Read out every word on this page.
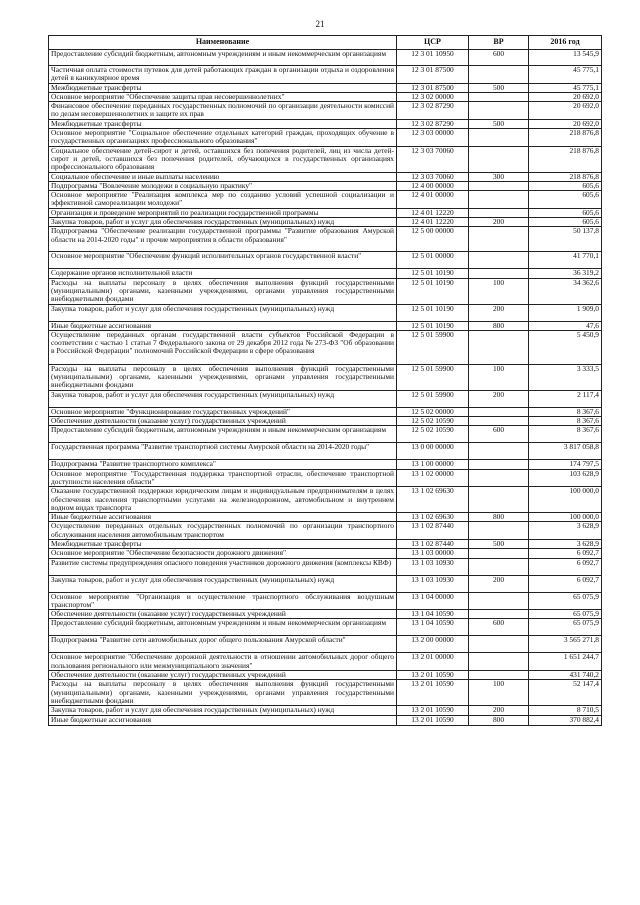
21
Наименование	ЦСР	ВР	2016 год
Предоставление субсидий бюджетным, автономным учреждениям и иным некоммерческим организациям	12 3 01 10950	600	13 545,9
Частичная оплата стоимости путевок для детей работающих граждан в организации отдыха и оздоровления детей в каникулярное время	12 3 01 87500		45 775,1
Межбюджетные трансферты	12 3 01 87500	500	45 775,1
Основное мероприятие "Обеспечение защиты прав несовершеннолетних"	12 3 02 00000		20 692,0
Финансовое обеспечение переданных государственных полномочий по организации деятельности комиссий по делам несовершеннолетних и защите их прав	12 3 02 87290		20 692,0
Межбюджетные трансферты	12 3 02 87290	500	20 692,0
Основное мероприятие "Социальное обеспечение отдельных категорий граждан, проходящих обучение в государственных организациях профессионального образования"	12 3 03 00000		218 876,8
Социальное обеспечение детей-сирот и детей, оставшихся без попечения родителей, лиц из числа детей-сирот и детей, оставшихся без попечения родителей, обучающихся в государственных организациях профессионального образования	12 3 03 70060		218 876,8
Социальное обеспечение и иные выплаты населению	12 3 03 70060	300	218 876,8
Подпрограмма "Вовлечение молодежи в социальную практику"	12 4 00 00000		605,6
Основное мероприятие "Реализация комплекса мер по созданию условий успешной социализации и эффективной самореализации молодежи"	12 4 01 00000		605,6
Организация и проведение мероприятий по реализации государственной программы	12 4 01 12220		605,6
Закупка товаров, работ и услуг для обеспечения государственных (муниципальных) нужд	12 4 01 12220	200	605,6
Подпрограмма "Обеспечение реализации государственной программы "Развитие образования Амурской области на 2014-2020 годы" и прочие мероприятия в области образования"	12 5 00 00000		50 137,8
Основное мероприятие "Обеспечение функций исполнительных органов государственной власти"	12 5 01 00000		41 770,1
Содержание органов исполнительной власти	12 5 01 10190		36 319,2
Расходы на выплаты персоналу в целях обеспечения выполнения функций государственными (муниципальными) органами, казенными учреждениями, органами управления государственными внебюджетными фондами	12 5 01 10190	100	34 362,6
Закупка товаров, работ и услуг для обеспечения государственных (муниципальных) нужд	12 5 01 10190	200	1 909,0
Иные бюджетные ассигнования	12 5 01 10190	800	47,6
Осуществление переданных органам государственной власти субъектов Российской Федерации в соответствии с частью 1 статьи 7 Федерального закона от 29 декабря 2012 года № 273-ФЗ "Об образовании в Российской Федерации" полномочий Российской Федерации в сфере образования	12 5 01 59900		5 450,9
Расходы на выплаты персоналу в целях обеспечения выполнения функций государственными (муниципальными) органами, казенными учреждениями, органами управления государственными внебюджетными фондами	12 5 01 59900	100	3 333,5
Закупка товаров, работ и услуг для обеспечения государственных (муниципальных) нужд	12 5 01 59900	200	2 117,4
Основное мероприятие "Функционирование государственных учреждений"	12 5 02 00000		8 367,6
Обеспечение деятельности (оказание услуг) государственных учреждений	12 5 02 10590		8 367,6
Предоставление субсидий бюджетным, автономным учреждениям и иным некоммерческим организациям	12 5 02 10590	600	8 367,6
Государственная программа "Развитие транспортной системы Амурской области на 2014-2020 годы"	13 0 00 00000		3 817 058,8
Подпрограмма "Развитие транспортного комплекса"	13 1 00 00000		174 797,5
Основное мероприятие "Государственная поддержка транспортной отрасли, обеспечение транспортной доступности населения области"	13 1 02 00000		103 628,9
Оказание государственной поддержки юридическим лицам и индивидуальным предпринимателям в целях обеспечения населения транспортными услугами на железнодорожном, автомобильном и внутреннем водном видах транспорта	13 1 02 69630		100 000,0
Иные бюджетные ассигнования	13 1 02 69630	800	100 000,0
Осуществление переданных отдельных государственных полномочий по организации транспортного обслуживания населения автомобильным транспортом	13 1 02 87440		3 628,9
Межбюджетные трансферты	13 1 02 87440	500	3 628,9
Основное мероприятие "Обеспечение безопасности дорожного движения"	13 1 03 00000		6 092,7
Развитие системы предупреждения опасного поведения участников дорожного движения (комплексы КВФ)	13 1 03 10930		6 092,7
Закупка товаров, работ и услуг для обеспечения государственных (муниципальных) нужд	13 1 03 10930	200	6 092,7
Основное мероприятие "Организация и осуществление транспортного обслуживания воздушным транспортом"	13 1 04 00000		65 075,9
Обеспечение деятельности (оказание услуг) государственных учреждений	13 1 04 10590		65 075,9
Предоставление субсидий бюджетным, автономным учреждениям и иным некоммерческим организациям	13 1 04 10590	600	65 075,9
Подпрограмма "Развитие сети автомобильных дорог общего пользования Амурской области"	13 2 00 00000		3 565 271,8
Основное мероприятие "Обеспечение дорожной деятельности в отношении автомобильных дорог общего пользования регионального или межмуниципального значения"	13 2 01 00000		1 651 244,7
Обеспечение деятельности (оказание услуг) государственных учреждений	13 2 01 10590		431 740,2
Расходы на выплаты персоналу в целях обеспечения выполнения функций государственными (муниципальными) органами, казенными учреждениями, органами управления государственными внебюджетными фондами	13 2 01 10590	100	52 147,4
Закупка товаров, работ и услуг для обеспечения государственных (муниципальных) нужд	13 2 01 10590	200	8 710,5
Иные бюджетные ассигнования	13 2 01 10590	800	370 882,4
